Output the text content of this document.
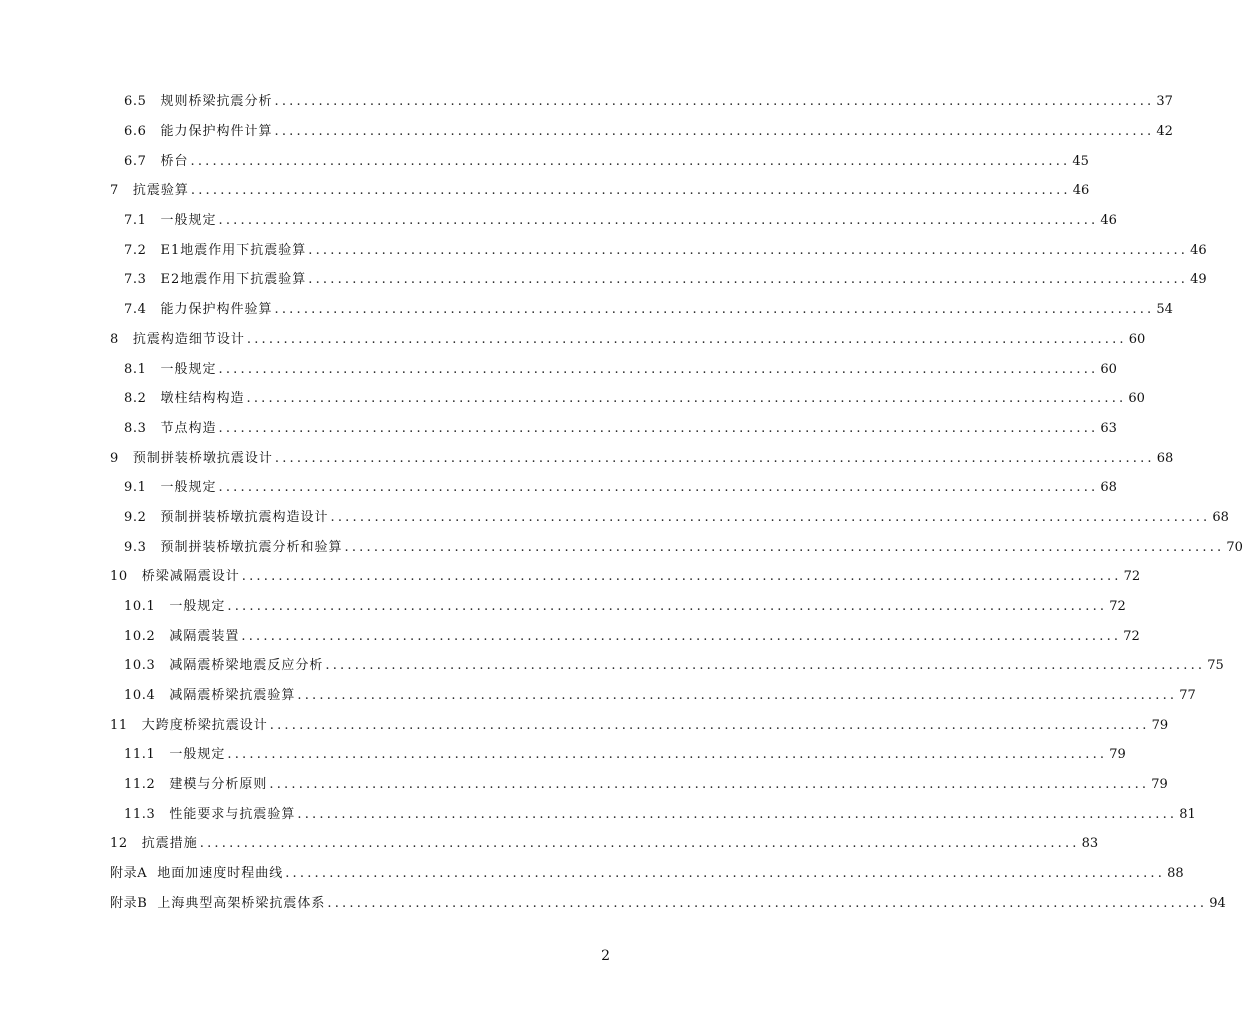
6.5 规则桥梁抗震分析 ........................................................................................................................ 37
6.6 能力保护构件计算 ........................................................................................................................ 42
6.7 桥台 ........................................................................................................................ 45
7 抗震验算 ........................................................................................................................ 46
7.1 一般规定 ........................................................................................................................ 46
7.2 E1地震作用下抗震验算 ........................................................................................................................ 46
7.3 E2地震作用下抗震验算 ........................................................................................................................ 49
7.4 能力保护构件验算 ........................................................................................................................ 54
8 抗震构造细节设计 ........................................................................................................................ 60
8.1 一般规定 ........................................................................................................................ 60
8.2 墩柱结构构造 ........................................................................................................................ 60
8.3 节点构造 ........................................................................................................................ 63
9 预制拼装桥墩抗震设计 ........................................................................................................................ 68
9.1 一般规定 ........................................................................................................................ 68
9.2 预制拼装桥墩抗震构造设计 ........................................................................................................................ 68
9.3 预制拼装桥墩抗震分析和验算 ........................................................................................................................ 70
10 桥梁减隔震设计 ........................................................................................................................ 72
10.1 一般规定 ........................................................................................................................ 72
10.2 减隔震装置 ........................................................................................................................ 72
10.3 减隔震桥梁地震反应分析 ........................................................................................................................ 75
10.4 减隔震桥梁抗震验算 ........................................................................................................................ 77
11 大跨度桥梁抗震设计 ........................................................................................................................ 79
11.1 一般规定 ........................................................................................................................ 79
11.2 建模与分析原则 ........................................................................................................................ 79
11.3 性能要求与抗震验算 ........................................................................................................................ 81
12 抗震措施 ........................................................................................................................ 83
附录A 地面加速度时程曲线 ........................................................................................................................ 88
附录B 上海典型高架桥梁抗震体系 ........................................................................................................................ 94
2
